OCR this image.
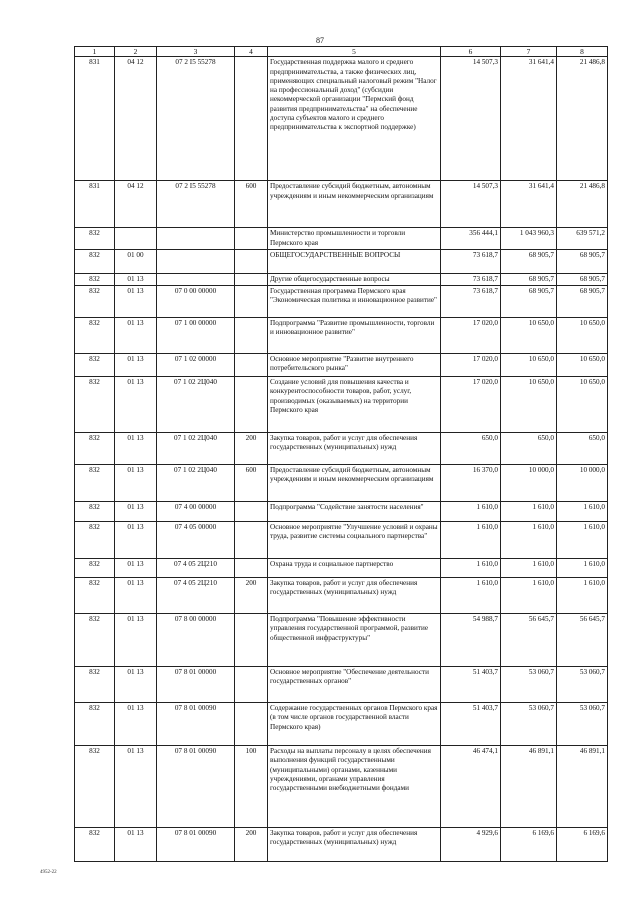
87
1	2	3	4	5	6	7	8
831	04 12	07 2 I5 55278		Государственная поддержка малого и среднего предпринимательства, а также физических лиц, применяющих специальный налоговый режим "Налог на профессиональный доход" (субсидии некоммерческой организации "Пермский фонд развития предпринимательства" на обеспечение доступа субъектов малого и среднего предпринимательства к экспортной поддержке)	14 507,3	31 641,4	21 486,8
831	04 12	07 2 I5 55278	600	Предоставление субсидий бюджетным, автономным учреждениям и иным некоммерческим организациям	14 507,3	31 641,4	21 486,8
832				Министерство промышленности и торговли Пермского края	356 444,1	1 043 960,3	639 571,2
832	01 00			ОБЩЕГОСУДАРСТВЕННЫЕ ВОПРОСЫ	73 618,7	68 905,7	68 905,7
832	01 13			Другие общегосударственные вопросы	73 618,7	68 905,7	68 905,7
832	01 13	07 0 00 00000		Государственная программа Пермского края "Экономическая политика и инновационное развитие"	73 618,7	68 905,7	68 905,7
832	01 13	07 1 00 00000		Подпрограмма "Развитие промышленности, торговли и инновационное развитие"	17 020,0	10 650,0	10 650,0
832	01 13	07 1 02 00000		Основное мероприятие "Развитие внутреннего потребительского рынка"	17 020,0	10 650,0	10 650,0
832	01 13	07 1 02 2Ц040		Создание условий для повышения качества и конкурентоспособности товаров, работ, услуг, производимых (оказываемых) на территории Пермского края	17 020,0	10 650,0	10 650,0
832	01 13	07 1 02 2Ц040	200	Закупка товаров, работ и услуг для обеспечения государственных (муниципальных) нужд	650,0	650,0	650,0
832	01 13	07 1 02 2Ц040	600	Предоставление субсидий бюджетным, автономным учреждениям и иным некоммерческим организациям	16 370,0	10 000,0	10 000,0
832	01 13	07 4 00 00000		Подпрограмма "Содействие занятости населения"	1 610,0	1 610,0	1 610,0
832	01 13	07 4 05 00000		Основное мероприятие "Улучшение условий и охраны труда, развитие системы социального партнерства"	1 610,0	1 610,0	1 610,0
832	01 13	07 4 05 2Ц210		Охрана труда и социальное партнерство	1 610,0	1 610,0	1 610,0
832	01 13	07 4 05 2Ц210	200	Закупка товаров, работ и услуг для обеспечения государственных (муниципальных) нужд	1 610,0	1 610,0	1 610,0
832	01 13	07 8 00 00000		Подпрограмма "Повышение эффективности управления государственной программой, развитие общественной инфраструктуры"	54 988,7	56 645,7	56 645,7
832	01 13	07 8 01 00000		Основное мероприятие "Обеспечение деятельности государственных органов"	51 403,7	53 060,7	53 060,7
832	01 13	07 8 01 00090		Содержание государственных органов Пермского края (в том числе органов государственной власти Пермского края)	51 403,7	53 060,7	53 060,7
832	01 13	07 8 01 00090	100	Расходы на выплаты персоналу в целях обеспечения выполнения функций государственными (муниципальными) органами, казенными учреждениями, органами управления государственными внебюджетными фондами	46 474,1	46 891,1	46 891,1
832	01 13	07 8 01 00090	200	Закупка товаров, работ и услуг для обеспечения государственных (муниципальных) нужд	4 929,6	6 169,6	6 169,6
4952-22
